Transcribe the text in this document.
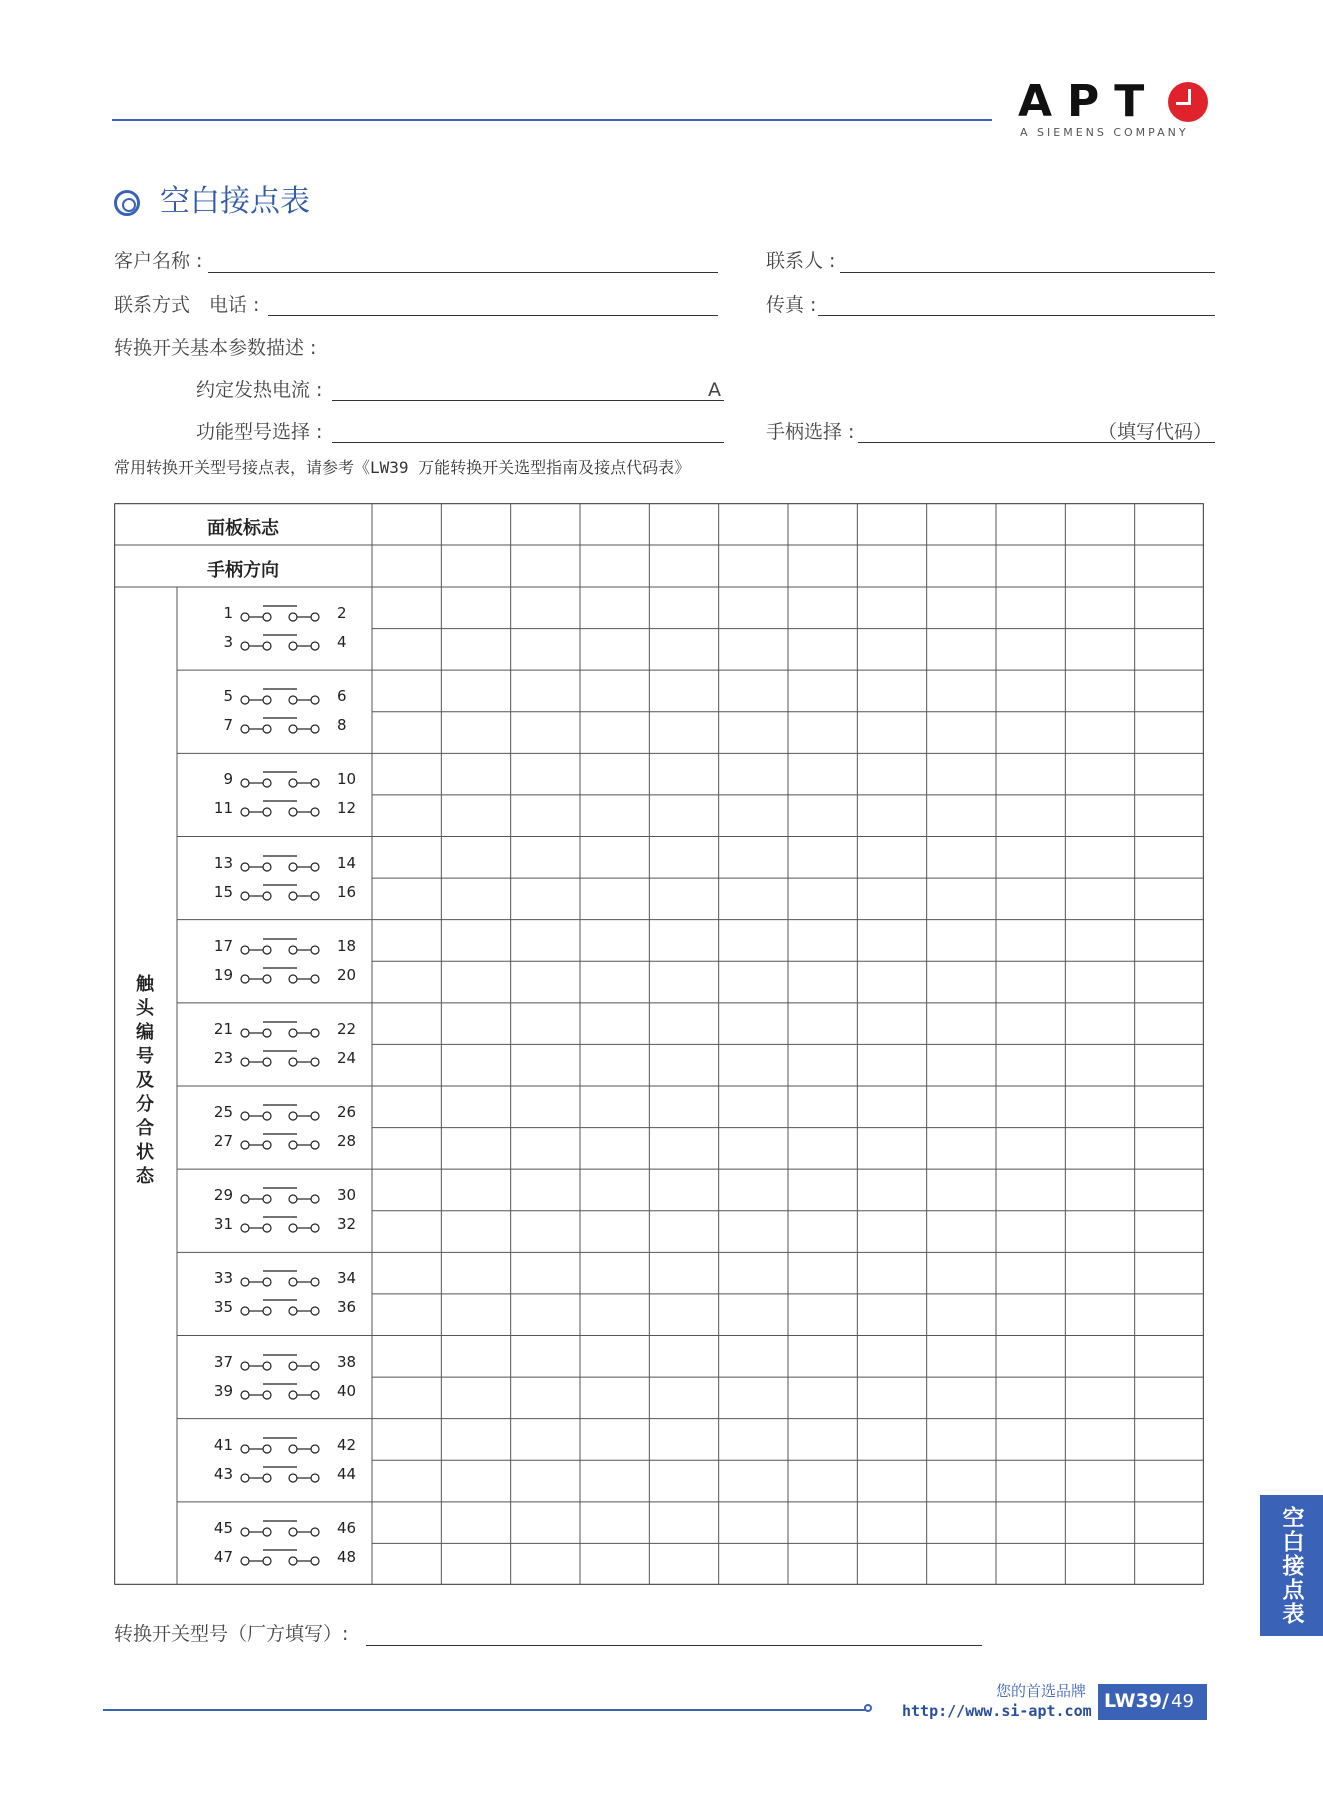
APT
A SIEMENS COMPANY
空白接点表
客户名称 :	联系人 :
联系方式　电话 :	传真 :
转换开关基本参数描述 :
约定发热电流 :	A
功能型号选择 :	手柄选择 :	（填写代码）
常用转换开关型号接点表，请参考《LW39 万能转换开关选型指南及接点代码表》
面板标志
手柄方向
触
头
编
号
及
分
合
状
态
1	2
3	4
5	6
7	8
9	10
11	12
13	14
15	16
17	18
19	20
21	22
23	24
25	26
27	28
29	30
31	32
33	34
35	36
37	38
39	40
41	42
43	44
45	46
47	48
转换开关型号（厂方填写）:
空白接点表
您的首选品牌
http://www.si-apt.com LW39/ 49
